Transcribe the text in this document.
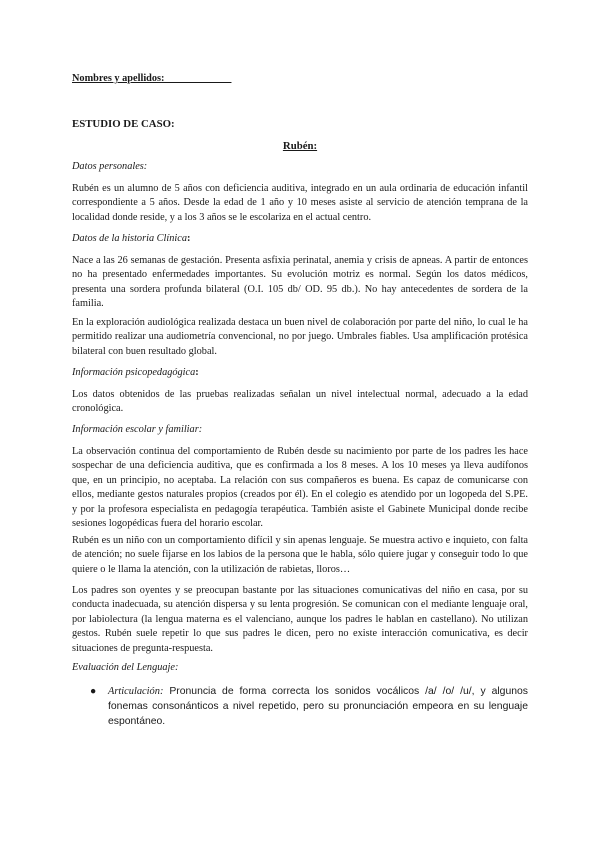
Nombres y apellidos:_____________

ESTUDIO DE CASO:

Rubén:

Datos personales:

Rubén es un alumno de 5 años con deficiencia auditiva, integrado en un aula ordinaria de educación infantil correspondiente a 5 años. Desde la edad de 1 año y 10 meses asiste al servicio de atención temprana de la localidad donde reside, y a los 3 años se le escolariza en el actual centro.

Datos de la historia Clínica:

Nace a las 26 semanas de gestación. Presenta asfixia perinatal, anemia y crisis de apneas. A partir de entonces no ha presentado enfermedades importantes. Su evolución motriz es normal. Según los datos médicos, presenta una sordera profunda bilateral (O.I. 105 db/ OD. 95 db.). No hay antecedentes de sordera de la familia.

En la exploración audiológica realizada destaca un buen nivel de colaboración por parte del niño, lo cual le ha permitido realizar una audiometría convencional, no por juego. Umbrales fiables. Usa amplificación protésica bilateral con buen resultado global.

Información psicopedagógica:

Los datos obtenidos de las pruebas realizadas señalan un nivel intelectual normal, adecuado a la edad cronológica.

Información escolar y familiar:

La observación continua del comportamiento de Rubén desde su nacimiento por parte de los padres les hace sospechar de una deficiencia auditiva, que es confirmada a los 8 meses. A los 10 meses ya lleva audífonos que, en un principio, no aceptaba. La relación con sus compañeros es buena. Es capaz de comunicarse con ellos, mediante gestos naturales propios (creados por él). En el colegio es atendido por un logopeda del S.PE. y por la profesora especialista en pedagogía terapéutica. También asiste el Gabinete Municipal donde recibe sesiones logopédicas fuera del horario escolar.

Rubén es un niño con un comportamiento difícil y sin apenas lenguaje. Se muestra activo e inquieto, con falta de atención; no suele fijarse en los labios de la persona que le habla, sólo quiere jugar y conseguir todo lo que quiere o le llama la atención, con la utilización de rabietas, lloros…

Los padres son oyentes y se preocupan bastante por las situaciones comunicativas del niño en casa, por su conducta inadecuada, su atención dispersa y su lenta progresión. Se comunican con el mediante lenguaje oral, por labiolectura (la lengua materna es el valenciano, aunque los padres le hablan en castellano). No utilizan gestos. Rubén suele repetir lo que sus padres le dicen, pero no existe interacción comunicativa, es decir situaciones de pregunta-respuesta.

Evaluación del Lenguaje:

● Articulación: Pronuncia de forma correcta los sonidos vocálicos /a/ /o/ /u/, y algunos fonemas consonánticos a nivel repetido, pero su pronunciación empeora en su lenguaje espontáneo.
